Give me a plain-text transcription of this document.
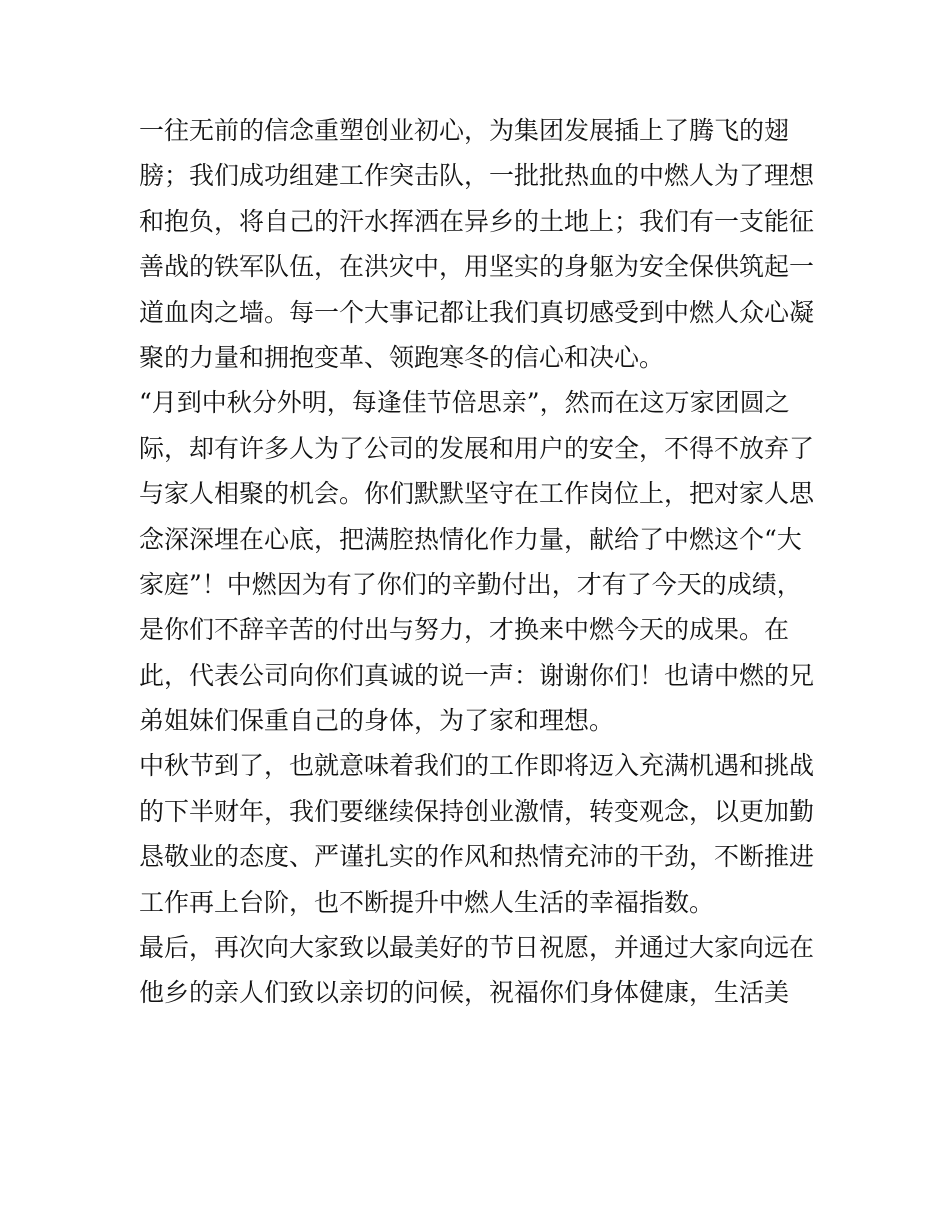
一往无前的信念重塑创业初心，为集团发展插上了腾飞的翅
膀；我们成功组建工作突击队，一批批热血的中燃人为了理想
和抱负，将自己的汗水挥洒在异乡的土地上；我们有一支能征
善战的铁军队伍，在洪灾中，用坚实的身躯为安全保供筑起一
道血肉之墙。每一个大事记都让我们真切感受到中燃人众心凝
聚的力量和拥抱变革、领跑寒冬的信心和决心。
“月到中秋分外明，每逢佳节倍思亲”，然而在这万家团圆之
际，却有许多人为了公司的发展和用户的安全，不得不放弃了
与家人相聚的机会。你们默默坚守在工作岗位上，把对家人思
念深深埋在心底，把满腔热情化作力量，献给了中燃这个“大
家庭”！中燃因为有了你们的辛勤付出，才有了今天的成绩，
是你们不辞辛苦的付出与努力，才换来中燃今天的成果。在
此，代表公司向你们真诚的说一声：谢谢你们！也请中燃的兄
弟姐妹们保重自己的身体，为了家和理想。
中秋节到了，也就意味着我们的工作即将迈入充满机遇和挑战
的下半财年，我们要继续保持创业激情，转变观念，以更加勤
恳敬业的态度、严谨扎实的作风和热情充沛的干劲，不断推进
工作再上台阶，也不断提升中燃人生活的幸福指数。
最后，再次向大家致以最美好的节日祝愿，并通过大家向远在
他乡的亲人们致以亲切的问候，祝福你们身体健康，生活美
